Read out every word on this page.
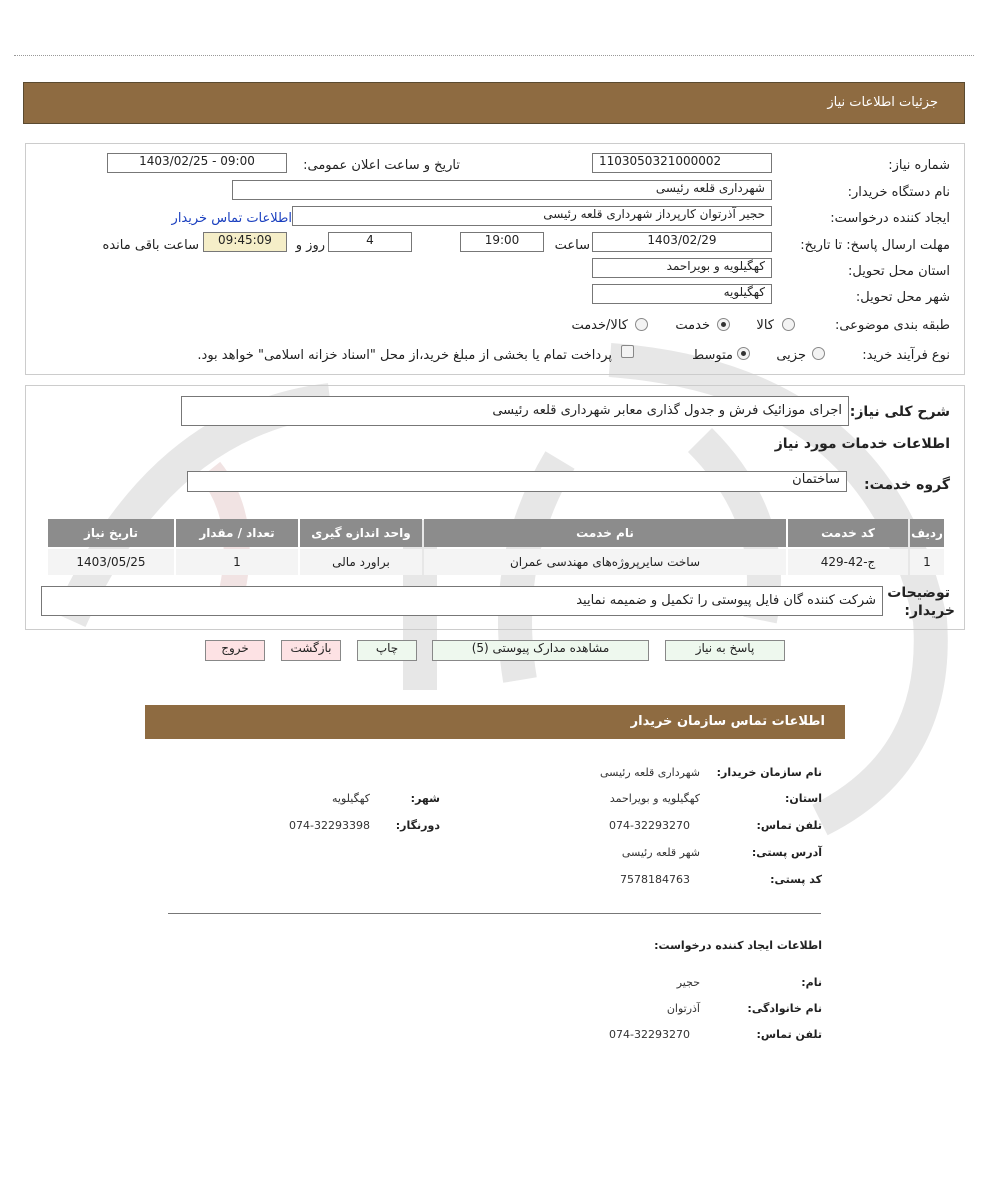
جزئیات اطلاعات نیاز
شماره نیاز:
1103050321000002
تاریخ و ساعت اعلان عمومی:
1403/02/25 - 09:00
نام دستگاه خریدار:
شهرداری قلعه رئیسی
ایجاد کننده درخواست:
حجیر آذرتوان کارپرداز شهرداری قلعه رئیسی
اطلاعات تماس خریدار
مهلت ارسال پاسخ: تا تاریخ:
1403/02/29
ساعت
19:00
4
روز و
09:45:09
ساعت باقی مانده
استان محل تحویل:
کهگیلویه و بویراحمد
شهر محل تحویل:
کهگیلویه
طبقه بندی موضوعی:
کالا
خدمت
کالا/خدمت
نوع فرآیند خرید:
جزیی
متوسط
پرداخت تمام یا بخشی از مبلغ خرید،از محل "اسناد خزانه اسلامی" خواهد بود.
شرح کلی نیاز:
اجرای موزائیک فرش و جدول گذاری معابر شهرداری قلعه رئیسی
اطلاعات خدمات مورد نیاز
گروه خدمت:
ساختمان
ردیف	کد خدمت	نام خدمت	واحد اندازه گیری	تعداد / مقدار	تاریخ نیاز
1	ج-42-429	ساخت سایرپروژه‌های مهندسی عمران	براورد مالی	1	1403/05/25
توضیحات
خریدار:
شرکت کننده گان فایل پیوستی را تکمیل و ضمیمه نمایید
پاسخ به نیاز
مشاهده مدارک پیوستی (5)
چاپ
بازگشت
خروج
اطلاعات تماس سازمان خریدار
نام سازمان خریدار:
شهرداری قلعه رئیسی
استان:
کهگیلویه و بویراحمد
شهر:
کهگیلویه
تلفن تماس:
074-32293270
دورنگار:
074-32293398
آدرس پستی:
شهر قلعه رئیسی
کد پستی:
7578184763
اطلاعات ایجاد کننده درخواست:
نام:
حجیر
نام خانوادگی:
آذرتوان
تلفن تماس:
074-32293270
